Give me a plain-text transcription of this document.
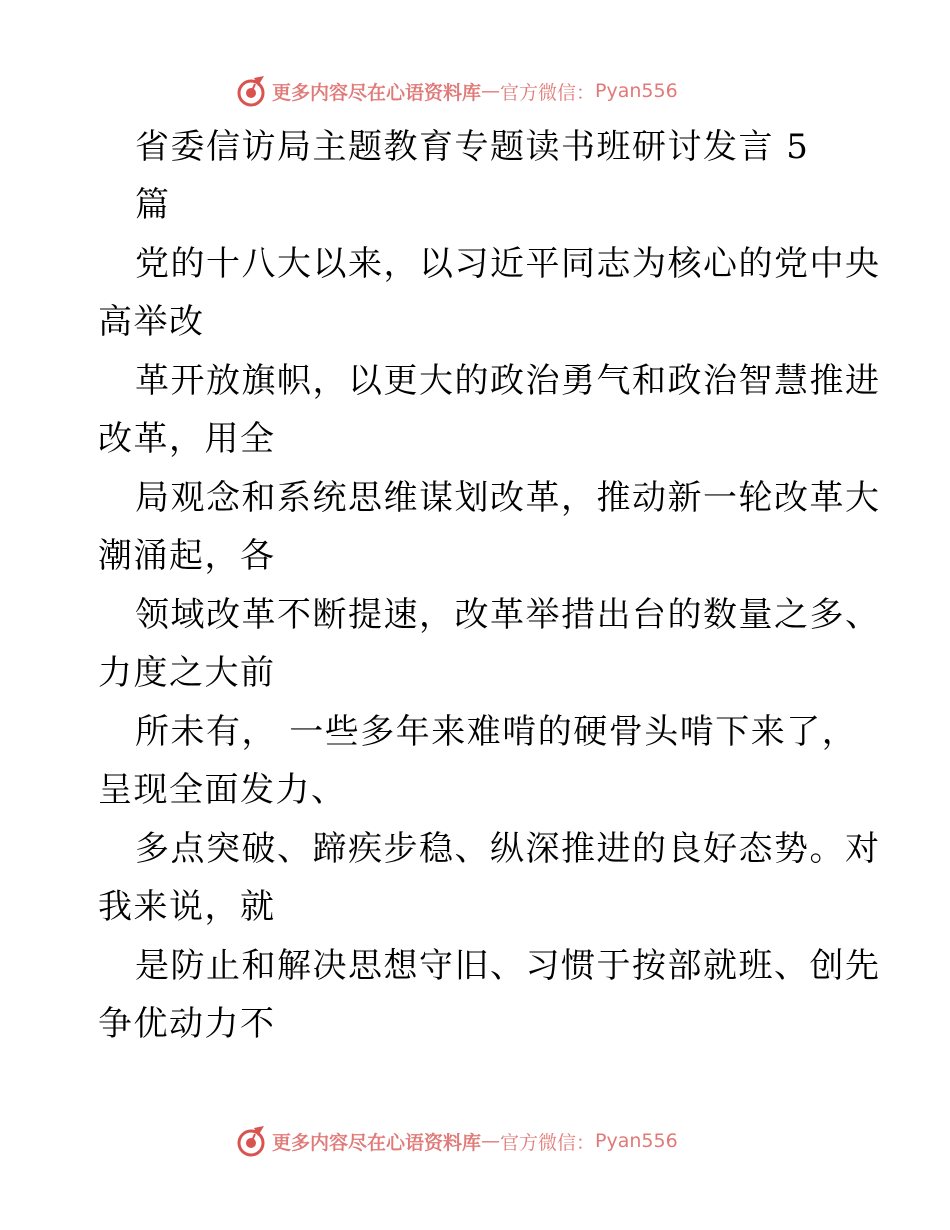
更多内容尽在心语资料库 — 官方微信： Pyan556
省委信访局主题教育专题读书班研讨发言 5
篇
党的十八大以来，以习近平同志为核心的党中央
高举改
革开放旗帜，以更大的政治勇气和政治智慧推进
改革，用全
局观念和系统思维谋划改革，推动新一轮改革大
潮涌起，各
领域改革不断提速，改革举措出台的数量之多、
力度之大前
所未有， 一些多年来难啃的硬骨头啃下来了，
呈现全面发力、
多点突破、蹄疾步稳、纵深推进的良好态势。对
我来说，就
是防止和解决思想守旧、习惯于按部就班、创先
争优动力不
更多内容尽在心语资料库 — 官方微信： Pyan556
